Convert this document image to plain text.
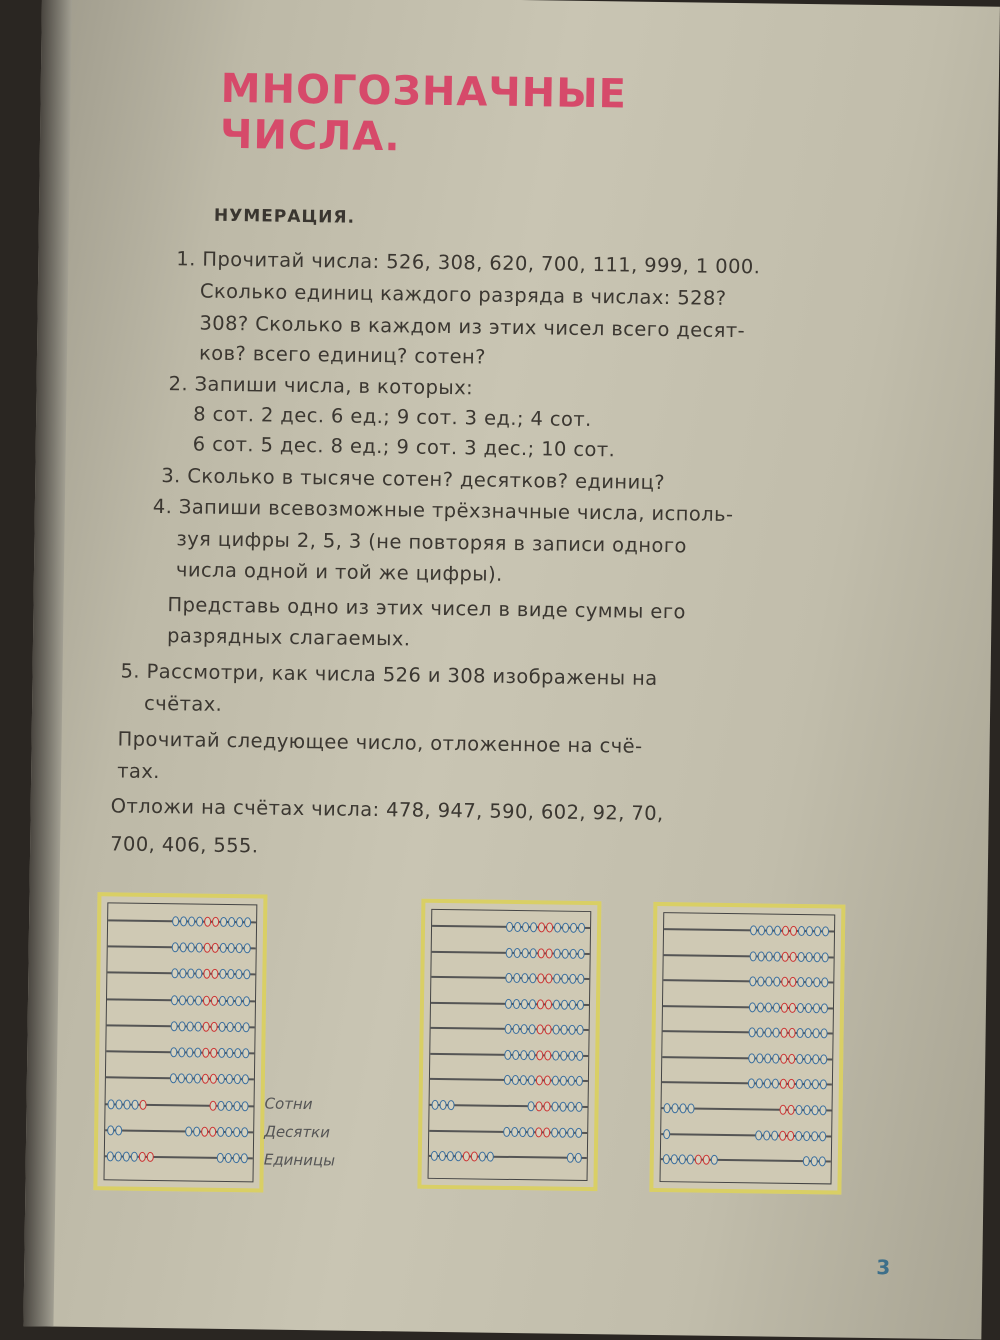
МНОГОЗНАЧНЫЕ ЧИСЛА.
НУМЕРАЦИЯ.
1. Прочитай числа: 526, 308, 620, 700, 111, 999, 1 000.
Сколько единиц каждого разряда в числах: 528?
308? Сколько в каждом из этих чисел всего десят-
ков? всего единиц? сотен?
2. Запиши числа, в которых:
8 сот. 2 дес. 6 ед.; 9 сот. 3 ед.; 4 сот.
6 сот. 5 дес. 8 ед.; 9 сот. 3 дес.; 10 сот.
3. Сколько в тысяче сотен? десятков? единиц?
4. Запиши всевозможные трёхзначные числа, исполь-
зуя цифры 2, 5, 3 (не повторяя в записи одного
числа одной и той же цифры).
Представь одно из этих чисел в виде суммы его
разрядных слагаемых.
5. Рассмотри, как числа 526 и 308 изображены на
счётах.
Прочитай следующее число, отложенное на счё-
тах.
Отложи на счётах числа: 478, 947, 590, 602, 92, 70,
700, 406, 555.
Сотни
Десятки
Единицы
3
